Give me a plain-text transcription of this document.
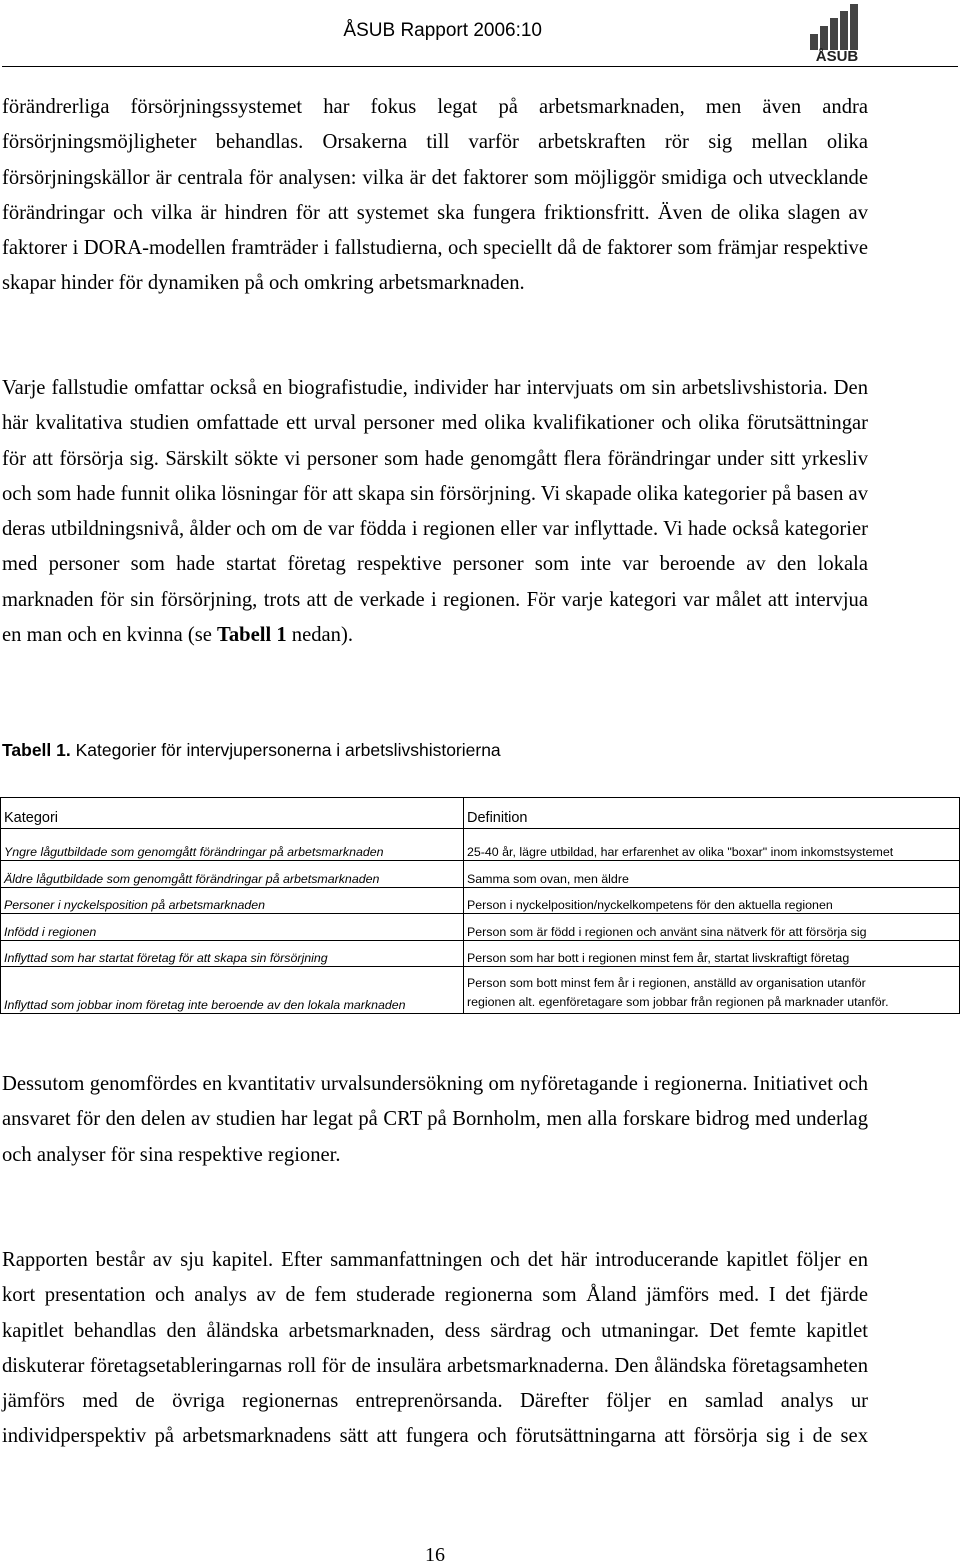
ÅSUB Rapport 2006:10
ÅSUB

förändrerliga försörjningssystemet har fokus legat på arbetsmarknaden, men även andra försörjningsmöjligheter behandlas. Orsakerna till varför arbetskraften rör sig mellan olika försörjningskällor är centrala för analysen: vilka är det faktorer som möjliggör smidiga och utvecklande förändringar och vilka är hindren för att systemet ska fungera friktionsfritt. Även de olika slagen av faktorer i DORA-modellen framträder i fallstudierna, och speciellt då de faktorer som främjar respektive skapar hinder för dynamiken på och omkring arbetsmarknaden.

Varje fallstudie omfattar också en biografistudie, individer har intervjuats om sin arbetslivshistoria. Den här kvalitativa studien omfattade ett urval personer med olika kvalifikationer och olika förutsättningar för att försörja sig. Särskilt sökte vi personer som hade genomgått flera förändringar under sitt yrkesliv och som hade funnit olika lösningar för att skapa sin försörjning. Vi skapade olika kategorier på basen av deras utbildningsnivå, ålder och om de var födda i regionen eller var inflyttade. Vi hade också kategorier med personer som hade startat företag respektive personer som inte var beroende av den lokala marknaden för sin försörjning, trots att de verkade i regionen. För varje kategori var målet att intervjua en man och en kvinna (se Tabell 1 nedan).

Tabell 1. Kategorier för intervjupersonerna i arbetslivshistorierna
Kategori	Definition
Yngre lågutbildade som genomgått förändringar på arbetsmarknaden	25-40 år, lägre utbildad, har erfarenhet av olika "boxar" inom inkomstsystemet
Äldre lågutbildade som genomgått förändringar på arbetsmarknaden	Samma som ovan, men äldre
Personer i nyckelsposition på arbetsmarknaden	Person i nyckelposition/nyckelkompetens för den aktuella regionen
Infödd i regionen	Person som är född i regionen och använt sina nätverk för att försörja sig
Inflyttad som har startat företag för att skapa sin försörjning	Person som har bott i regionen minst fem år, startat livskraftigt företag
Inflyttad som jobbar inom företag inte beroende av den lokala marknaden	Person som bott minst fem år i regionen, anställd av organisation utanför
regionen alt. egenföretagare som jobbar från regionen på marknader utanför.

Dessutom genomfördes en kvantitativ urvalsundersökning om nyföretagande i regionerna. Initiativet och ansvaret för den delen av studien har legat på CRT på Bornholm, men alla forskare bidrog med underlag och analyser för sina respektive regioner.

Rapporten består av sju kapitel. Efter sammanfattningen och det här introducerande kapitlet följer en kort presentation och analys av de fem studerade regionerna som Åland jämförs med. I det fjärde kapitlet behandlas den åländska arbetsmarknaden, dess särdrag och utmaningar. Det femte kapitlet diskuterar företagsetableringarnas roll för de insulära arbetsmarknaderna. Den åländska företagsamheten jämförs med de övriga regionernas entreprenörsanda. Därefter följer en samlad analys ur individperspektiv på arbetsmarknadens sätt att fungera och förutsättningarna att försörja sig i de sex

16
